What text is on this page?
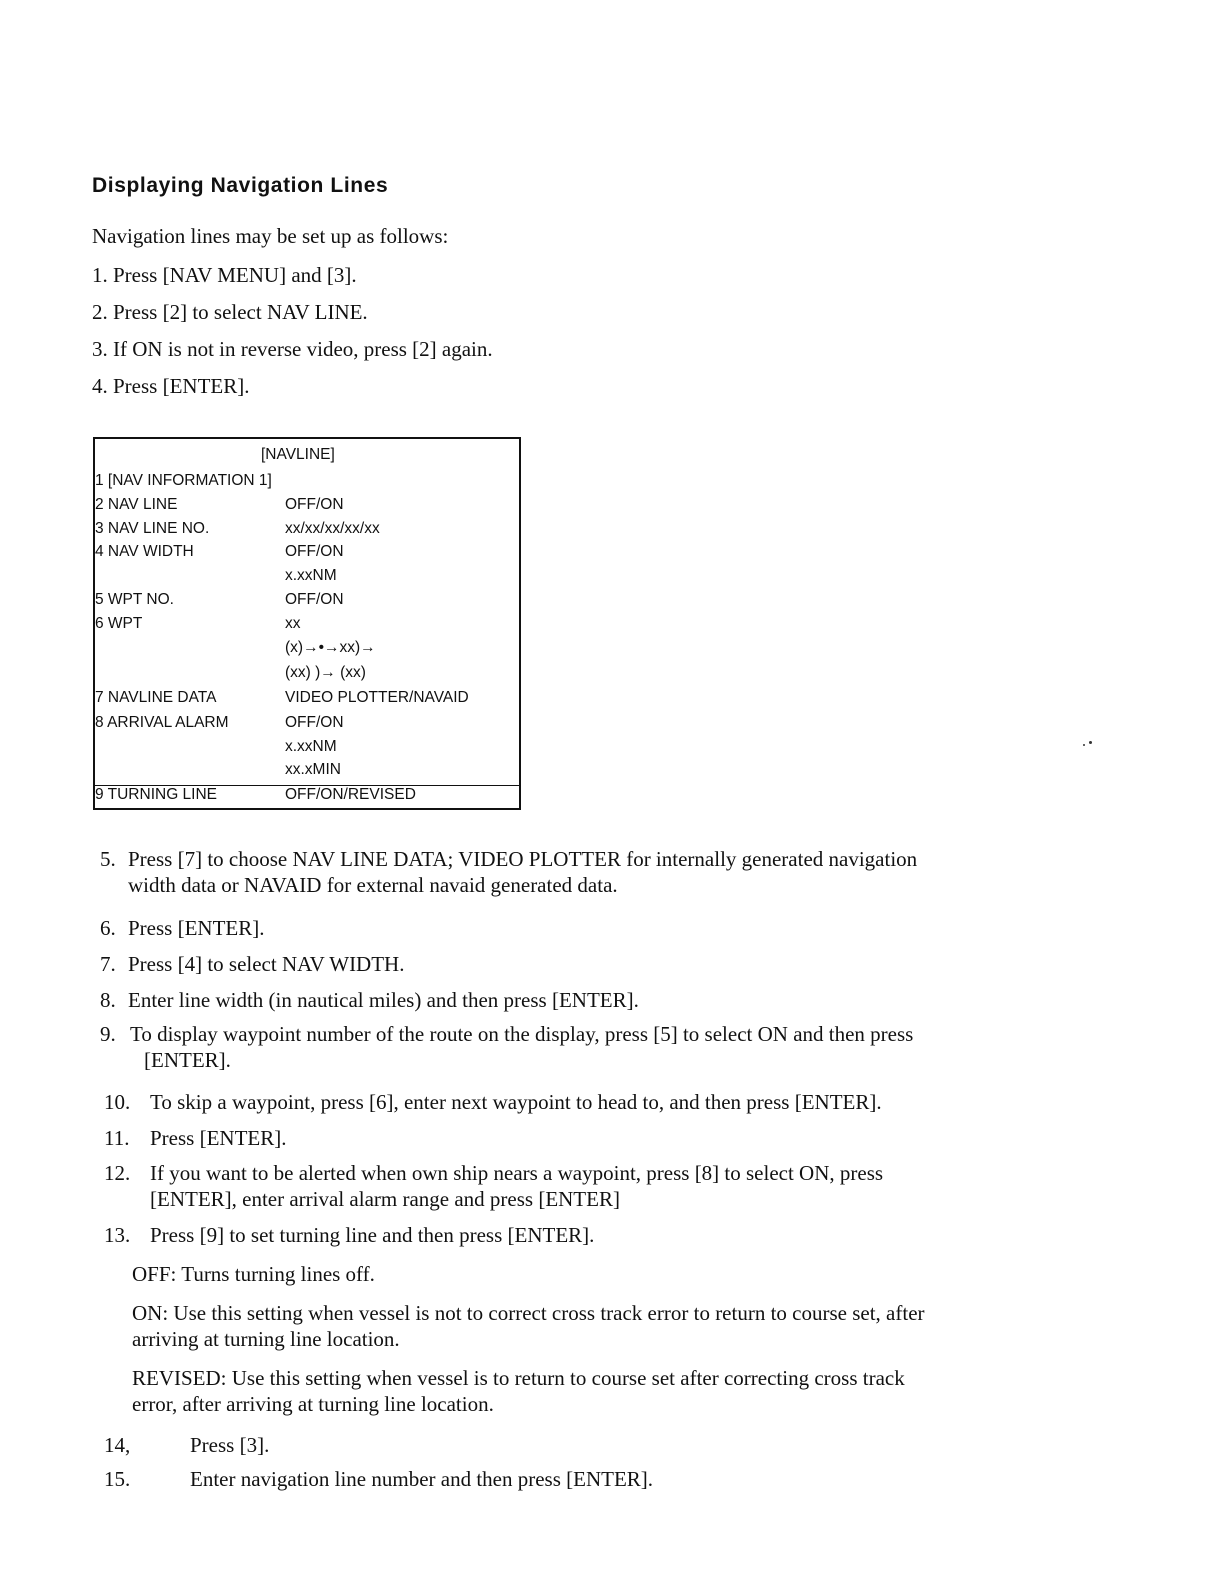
Displaying Navigation Lines

Navigation lines may be set up as follows:

1. Press [NAV MENU] and [3].
2. Press [2] to select NAV LINE.
3. If ON is not in reverse video, press [2] again.
4. Press [ENTER].
[NAVLINE]
1 [NAV INFORMATION 1]
2 NAV LINE	OFF/ON
3 NAV LINE NO.	xx/xx/xx/xx/xx
4 NAV WIDTH	OFF/ON
x.xxNM
5 WPT NO.	OFF/ON
6 WPT	xx
(x)→•→xx)→
(xx) )→ (xx)
7 NAVLINE DATA	VIDEO PLOTTER/NAVAID
8 ARRIVAL ALARM	OFF/ON
x.xxNM
xx.xMIN
9 TURNING LINE	OFF/ON/REVISED
5. Press [7] to choose NAV LINE DATA; VIDEO PLOTTER for internally generated navigation
width data or NAVAID for external navaid generated data.
6. Press [ENTER].
7. Press [4] to select NAV WIDTH.
8. Enter line width (in nautical miles) and then press [ENTER].
9. To display waypoint number of the route on the display, press [5] to select ON and then press
[ENTER].
10. To skip a waypoint, press [6], enter next waypoint to head to, and then press [ENTER].
11. Press [ENTER].
12. If you want to be alerted when own ship nears a waypoint, press [8] to select ON, press
[ENTER], enter arrival alarm range and press [ENTER]
13. Press [9] to set turning line and then press [ENTER].
OFF: Turns turning lines off.
ON: Use this setting when vessel is not to correct cross track error to return to course set, after
arriving at turning line location.
REVISED: Use this setting when vessel is to return to course set after correcting cross track
error, after arriving at turning line location.
14,	Press [3].
15.	Enter navigation line number and then press [ENTER].
